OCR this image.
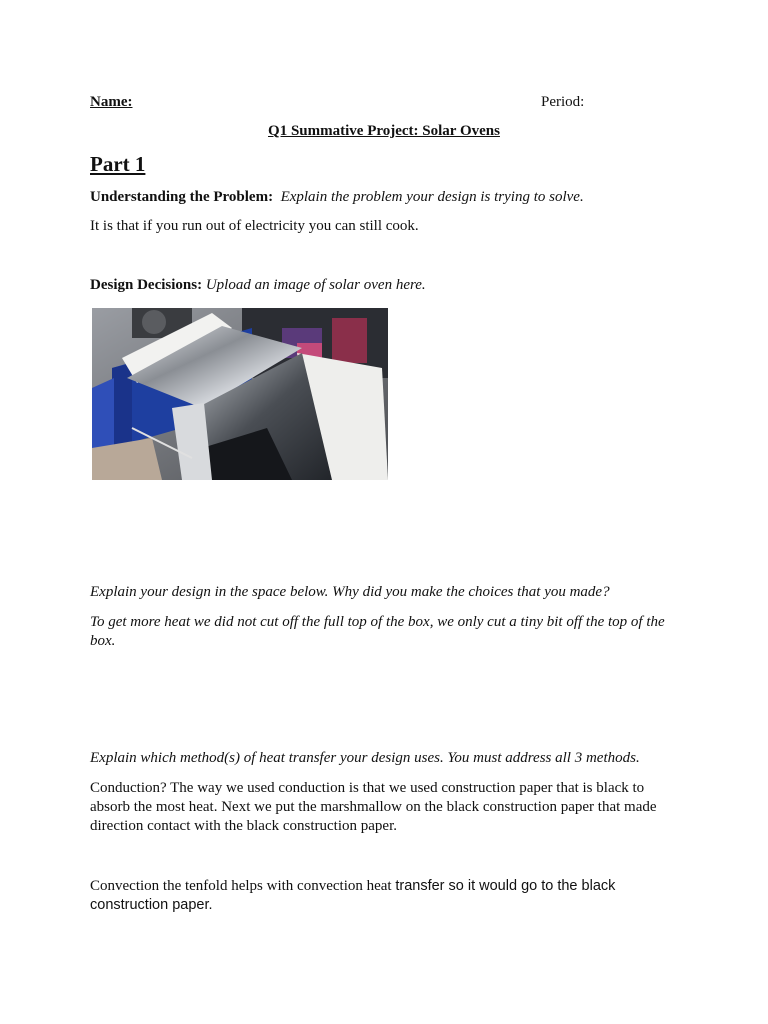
Name:	Period:
Q1 Summative Project: Solar Ovens
Part 1
Understanding the Problem: Explain the problem your design is trying to solve.
It is that if you run out of electricity you can still cook.
Design Decisions: Upload an image of solar oven here.
Explain your design in the space below. Why did you make the choices that you made?
To get more heat we did not cut off the full top of the box, we only cut a tiny bit off the top of the box.
Explain which method(s) of heat transfer your design uses. You must address all 3 methods.
Conduction? The way we used conduction is that we used construction paper that is black to absorb the most heat. Next we put the marshmallow on the black construction paper that made direction contact with the black construction paper.
Convection the tenfold helps with convection heat transfer so it would go to the black construction paper.
